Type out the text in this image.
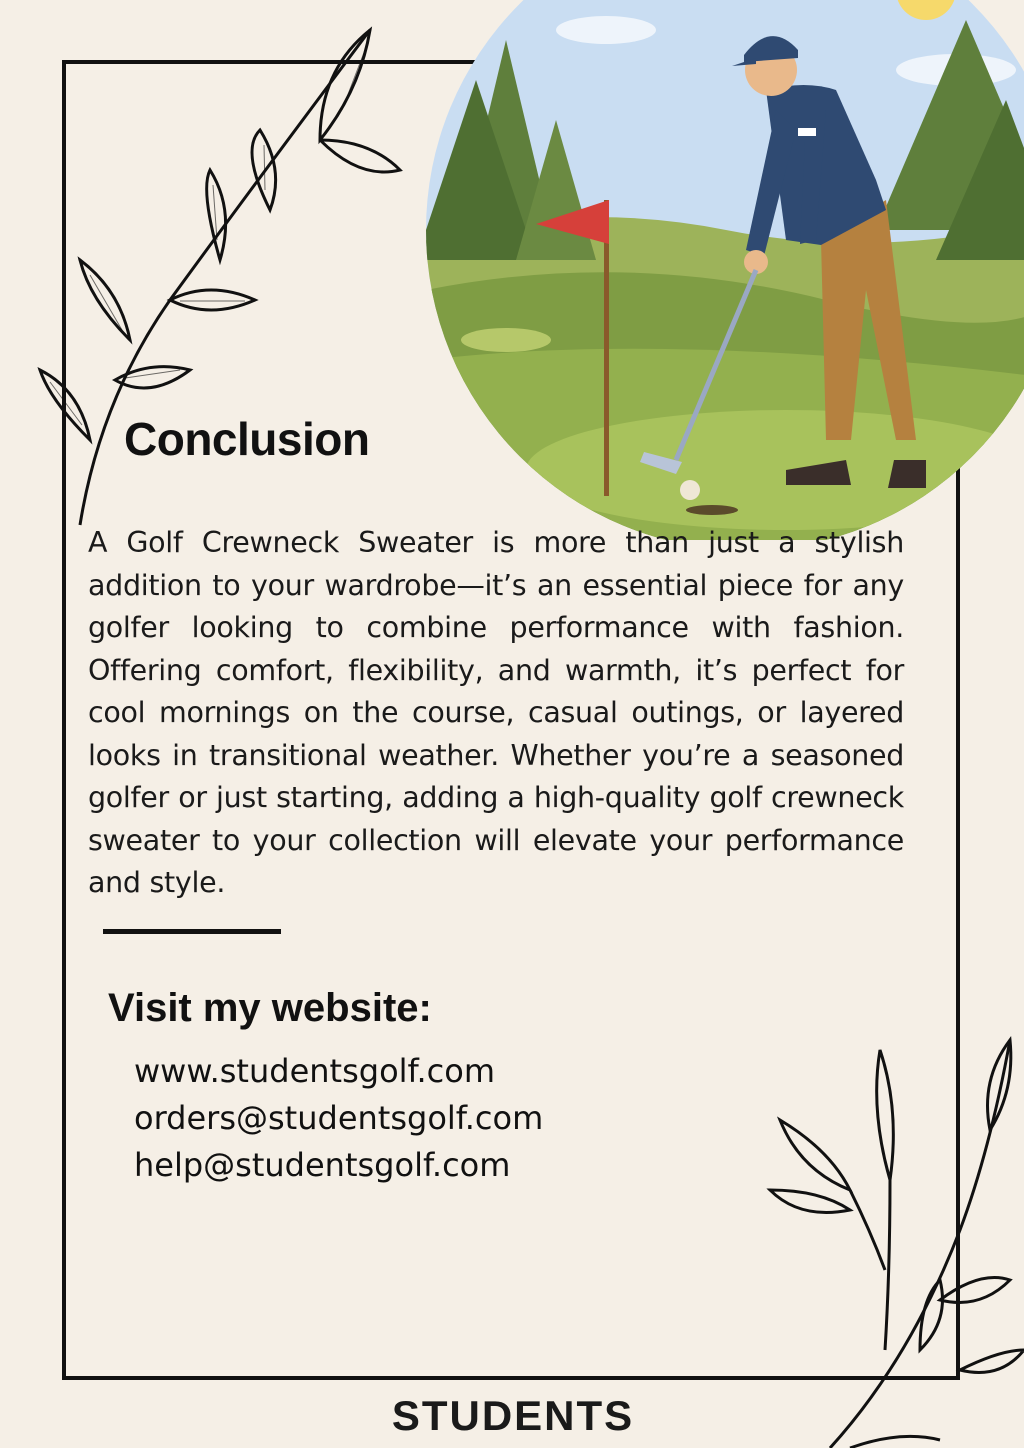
Conclusion

A Golf Crewneck Sweater is more than just a stylish addition to your wardrobe—it’s an essential piece for any golfer looking to combine performance with fashion. Offering comfort, flexibility, and warmth, it’s perfect for cool mornings on the course, casual outings, or layered looks in transitional weather. Whether you’re a seasoned golfer or just starting, adding a high-quality golf crewneck sweater to your collection will elevate your performance and style.

Visit my website:
www.studentsgolf.com
orders@studentsgolf.com
help@studentsgolf.com
STUDENTS
